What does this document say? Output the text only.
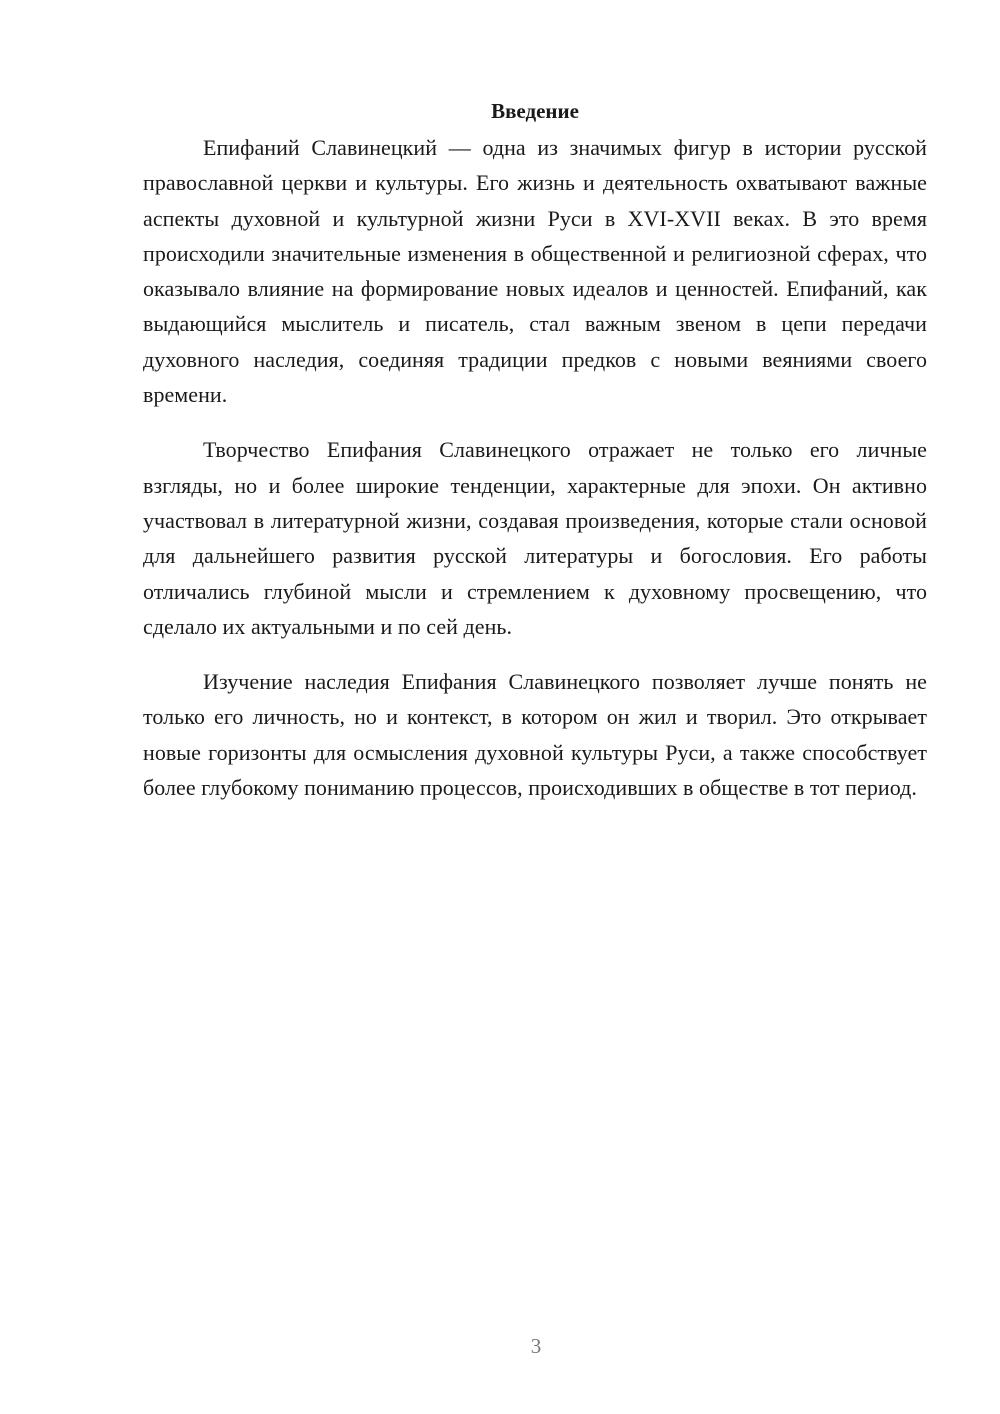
Введение

Епифаний Славинецкий — одна из значимых фигур в истории русской православной церкви и культуры. Его жизнь и деятельность охватывают важные аспекты духовной и культурной жизни Руси в XVI-XVII веках. В это время происходили значительные изменения в общественной и религиозной сферах, что оказывало влияние на формирование новых идеалов и ценностей. Епифаний, как выдающийся мыслитель и писатель, стал важным звеном в цепи передачи духовного наследия, соединяя традиции предков с новыми веяниями своего времени.

Творчество Епифания Славинецкого отражает не только его личные взгляды, но и более широкие тенденции, характерные для эпохи. Он активно участвовал в литературной жизни, создавая произведения, которые стали основой для дальнейшего развития русской литературы и богословия. Его работы отличались глубиной мысли и стремлением к духовному просвещению, что сделало их актуальными и по сей день.

Изучение наследия Епифания Славинецкого позволяет лучше понять не только его личность, но и контекст, в котором он жил и творил. Это открывает новые горизонты для осмысления духовной культуры Руси, а также способствует более глубокому пониманию процессов, происходивших в обществе в тот период.

3
